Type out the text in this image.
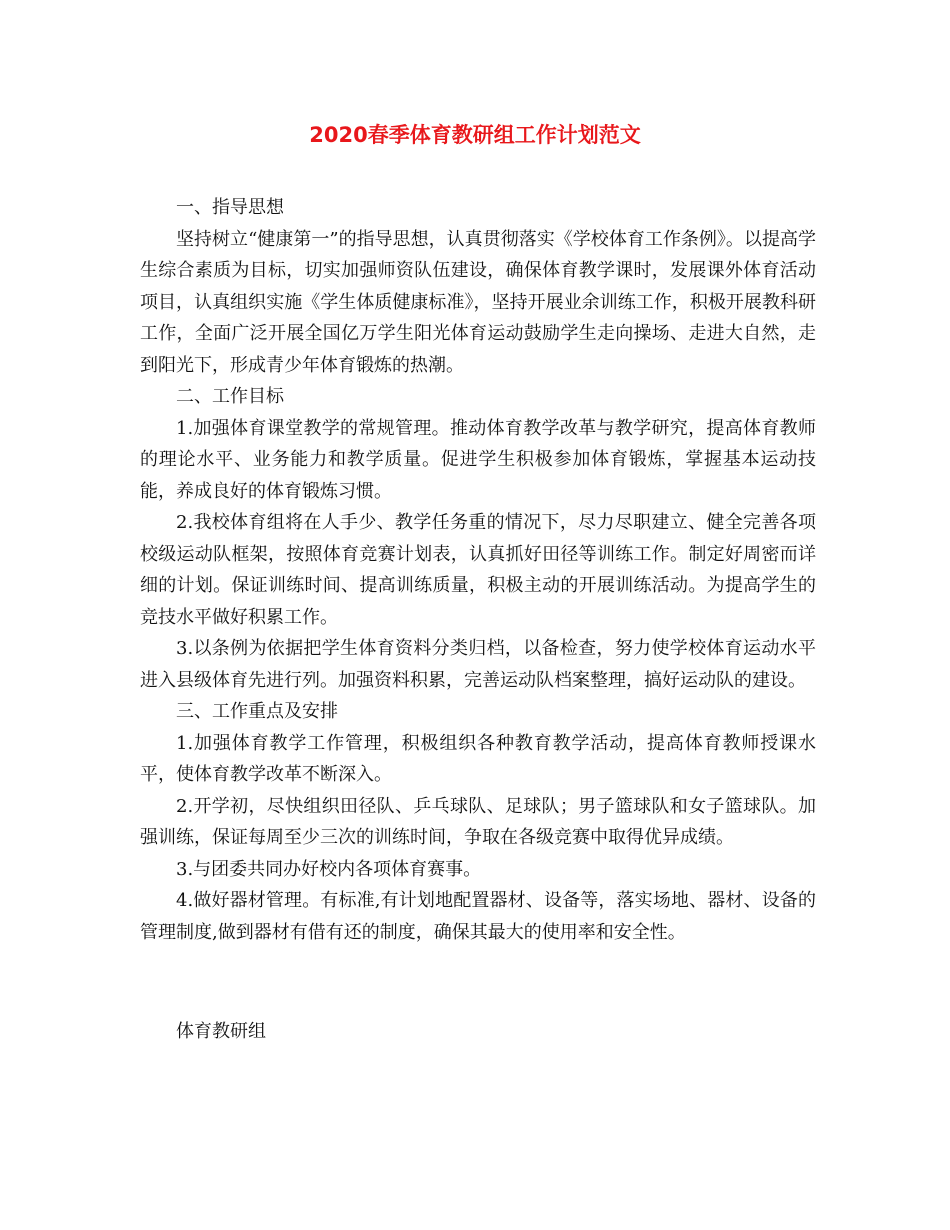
2020春季体育教研组工作计划范文

一、指导思想

坚持树立“健康第一”的指导思想，认真贯彻落实《学校体育工作条例》。以提高学生综合素质为目标，切实加强师资队伍建设，确保体育教学课时，发展课外体育活动项目，认真组织实施《学生体质健康标准》，坚持开展业余训练工作，积极开展教科研工作，全面广泛开展全国亿万学生阳光体育运动鼓励学生走向操场、走进大自然，走到阳光下，形成青少年体育锻炼的热潮。

二、工作目标

1.加强体育课堂教学的常规管理。推动体育教学改革与教学研究，提高体育教师的理论水平、业务能力和教学质量。促进学生积极参加体育锻炼，掌握基本运动技能，养成良好的体育锻炼习惯。

2.我校体育组将在人手少、教学任务重的情况下，尽力尽职建立、健全完善各项校级运动队框架，按照体育竞赛计划表，认真抓好田径等训练工作。制定好周密而详细的计划。保证训练时间、提高训练质量，积极主动的开展训练活动。为提高学生的竞技水平做好积累工作。

3.以条例为依据把学生体育资料分类归档，以备检查，努力使学校体育运动水平进入县级体育先进行列。加强资料积累，完善运动队档案整理，搞好运动队的建设。

三、工作重点及安排

1.加强体育教学工作管理，积极组织各种教育教学活动，提高体育教师授课水平，使体育教学改革不断深入。

2.开学初，尽快组织田径队、乒乓球队、足球队；男子篮球队和女子篮球队。加强训练，保证每周至少三次的训练时间，争取在各级竞赛中取得优异成绩。

3.与团委共同办好校内各项体育赛事。

4.做好器材管理。有标准,有计划地配置器材、设备等，落实场地、器材、设备的管理制度,做到器材有借有还的制度，确保其最大的使用率和安全性。

体育教研组
